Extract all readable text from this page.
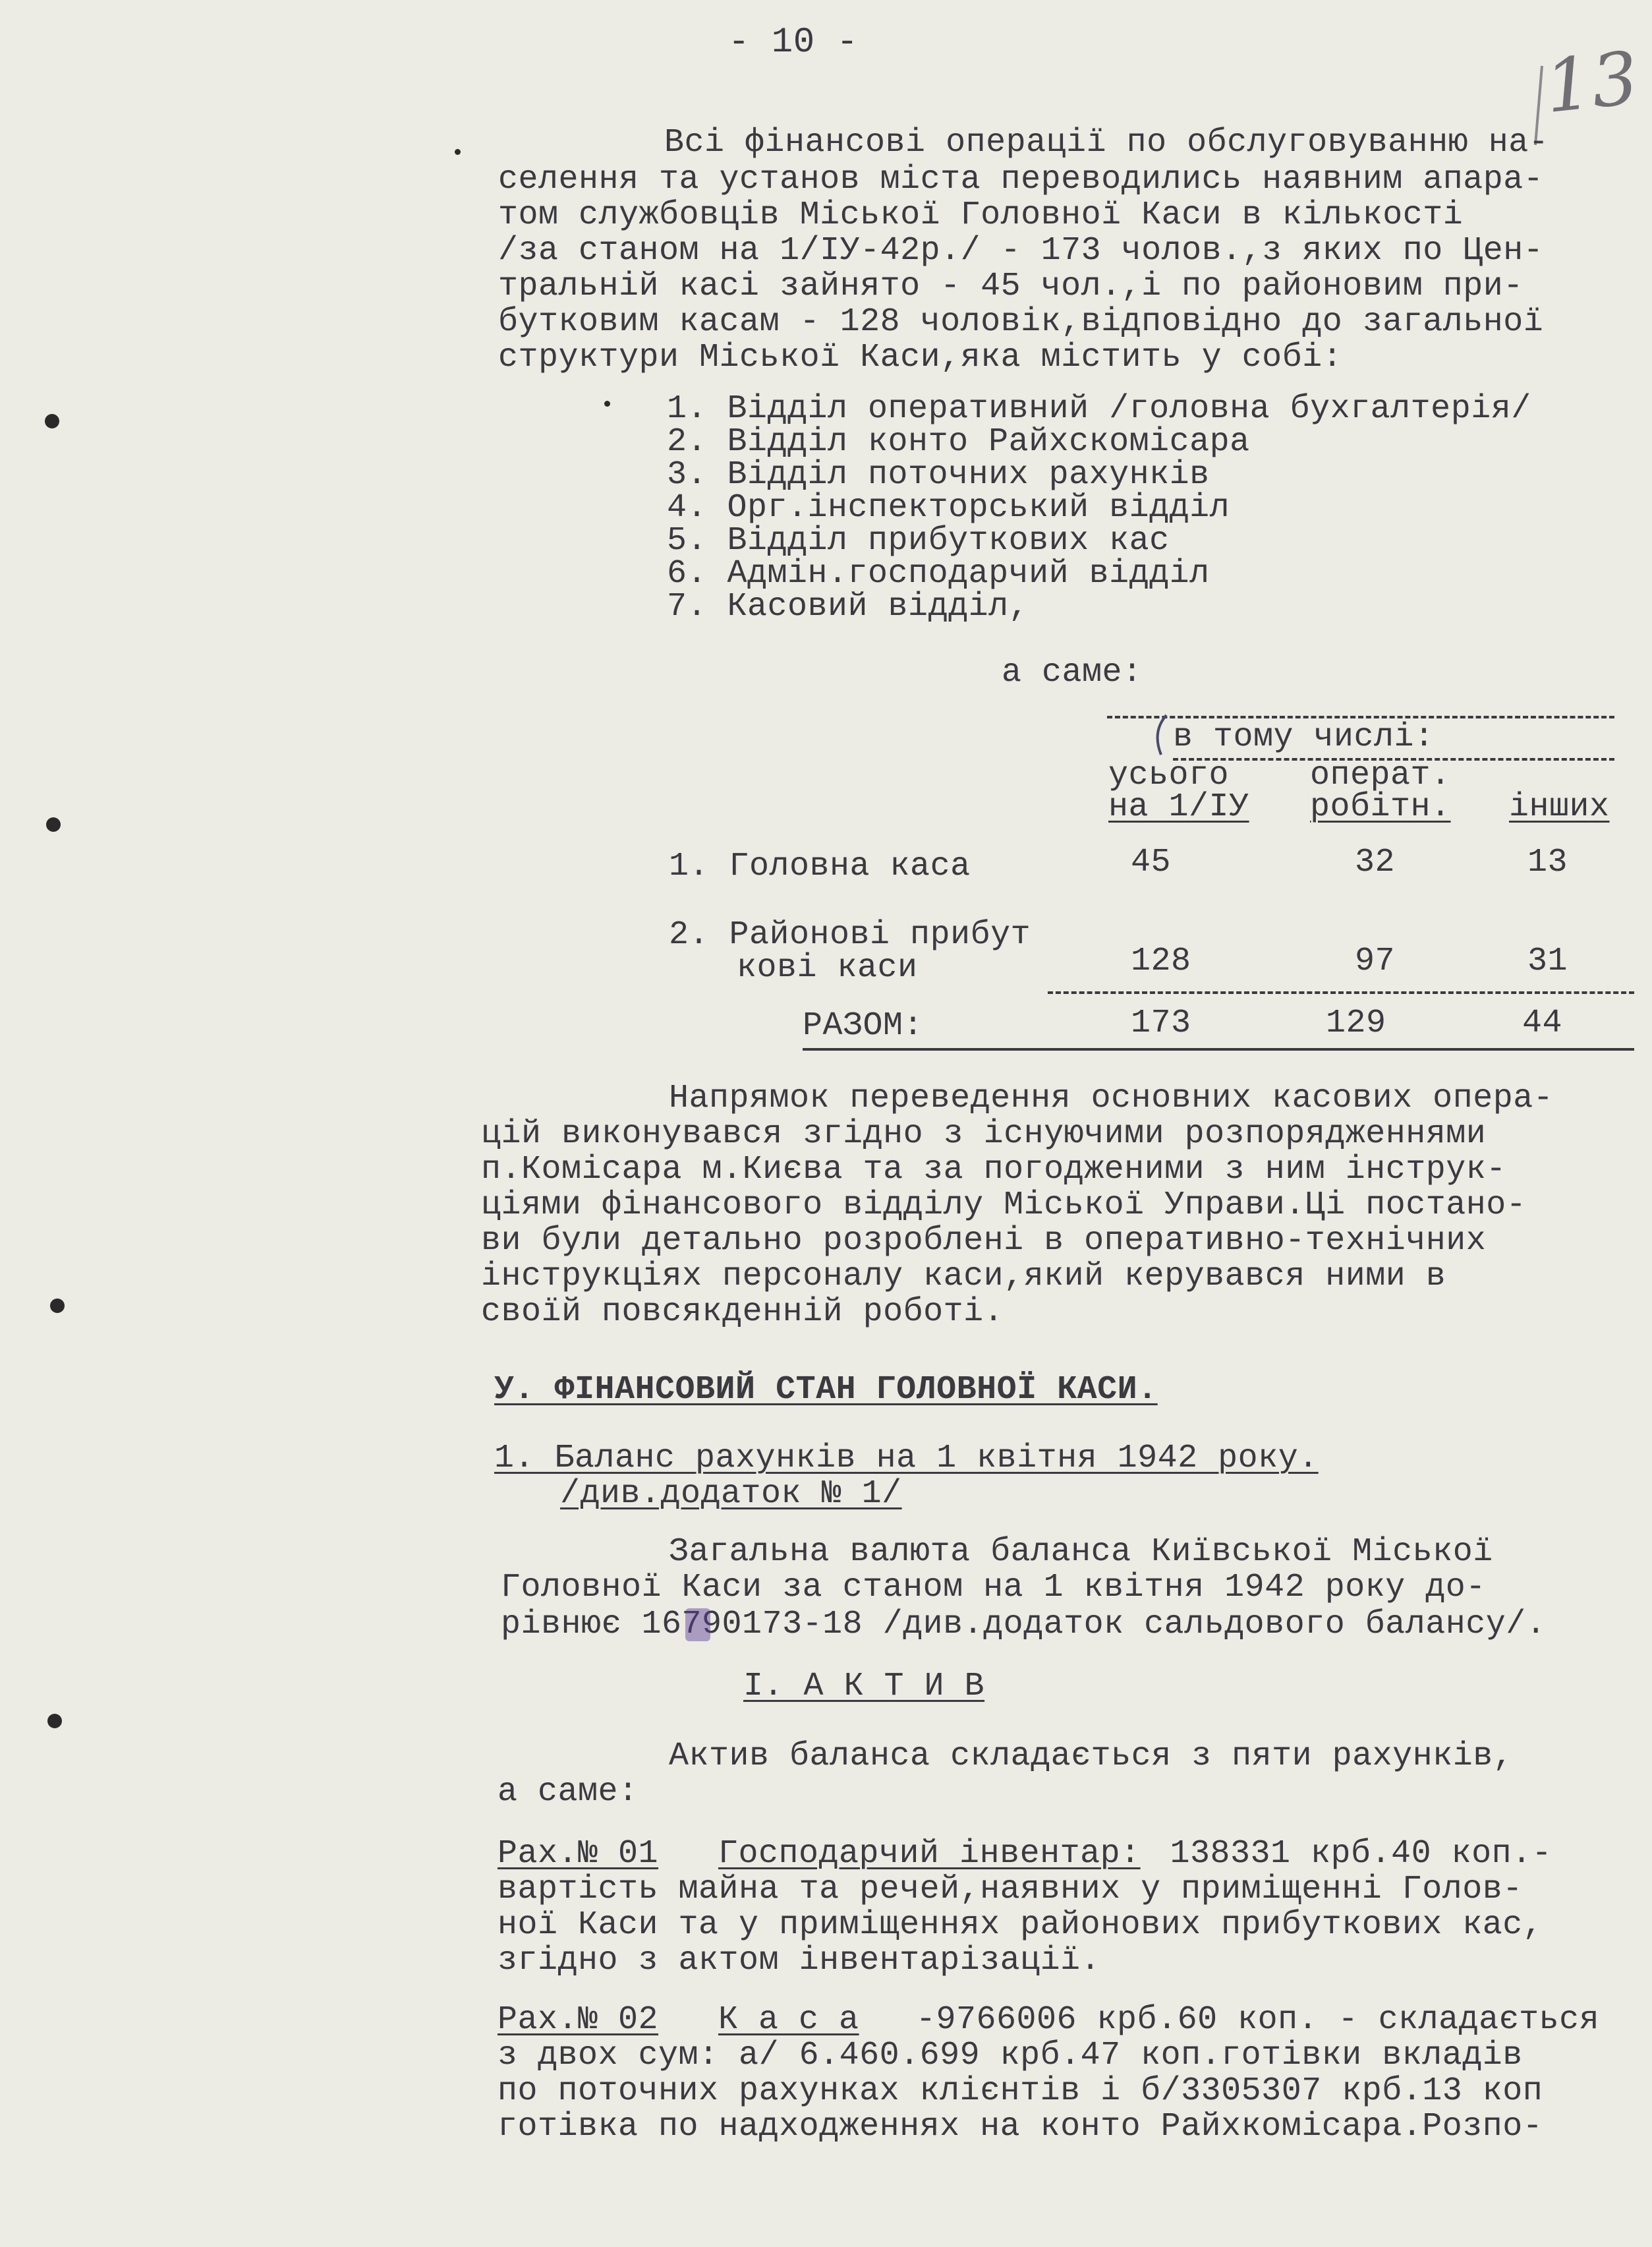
- 10 -	13
Всі фінансові операції по обслуговуванню на-
селення та установ міста переводились наявним апара-
том службовців Міської Головної Каси в кількості
/за станом на 1/IУ-42р./ - 173 чолов.,з яких по Цен-
тральній касі зайнято - 45 чол.,і по районовим при-
бутковим касам - 128 чоловік,відповідно до загальної
структури Міської Каси,яка містить у собі:
1. Відділ оперативний /головна бухгалтерія/
2. Відділ конто Райхскомісара
3. Відділ поточних рахунків
4. Орг.інспекторський відділ
5. Відділ прибуткових кас
6. Адмін.господарчий відділ
7. Касовий відділ,
а саме:
в тому числі:
усього операт.
на 1/IУ робітн. інших
1. Головна каса	45	32	13
2. Районові прибут
кові каси	128	97	31
РАЗОМ:	173	129	44
Напрямок переведення основних касових опера-
цій виконувався згідно з існуючими розпорядженнями
п.Комісара м.Києва та за погодженими з ним інструк-
ціями фінансового відділу Міської Управи.Ці постано-
ви були детально розроблені в оперативно-технічних
інструкціях персоналу каси,який керувався ними в
своїй повсякденній роботі.
У. ФІНАНСОВИЙ СТАН ГОЛОВНОЇ КАСИ.
1. Баланс рахунків на 1 квітня 1942 року.
/див.додаток № 1/
Загальна валюта баланса Київської Міської
Головної Каси за станом на 1 квітня 1942 року до-
рівнює 16790173-18 /див.додаток сальдового балансу/.
І. А К Т И В
Актив баланса складається з пяти рахунків,
а саме:
Рах.№ 01 Господарчий інвентар: 138331 крб.40 коп.-
вартість майна та речей,наявних у приміщенні Голов-
ної Каси та у приміщеннях районових прибуткових кас,
згідно з актом інвентарізації.
Рах.№ 02 К а с а -9766006 крб.60 коп. - складається
з двох сум: а/ 6.460.699 крб.47 коп.готівки вкладів
по поточних рахунках клієнтів і б/3305307 крб.13 коп
готівка по надходженнях на конто Райхкомісара.Розпо-
